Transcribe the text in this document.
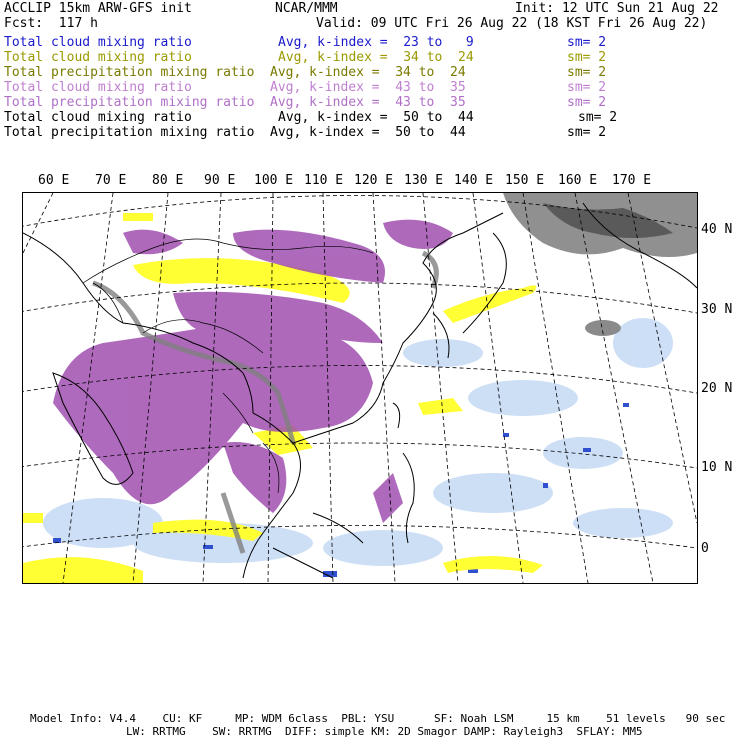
ACCLIP 15km ARW-GFS init	NCAR/MMM	Init: 12 UTC Sun 21 Aug 22
Fcst:  117 h	Valid: 09 UTC Fri 26 Aug 22 (18 KST Fri 26 Aug 22)
Total cloud mixing ratio	Avg, k-index =  23 to   9	sm= 2
Total cloud mixing ratio	Avg, k-index =  34 to  24	sm= 2
Total precipitation mixing ratio Avg, k-index =  34 to  24	sm= 2
Total cloud mixing ratio	Avg, k-index =  43 to  35	sm= 2
Total precipitation mixing ratio Avg, k-index =  43 to  35	sm= 2
Total cloud mixing ratio	Avg, k-index =  50 to  44	sm= 2
Total precipitation mixing ratio Avg, k-index =  50 to  44	sm= 2
60 E 70 E 80 E 90 E 100 E 110 E 120 E 130 E 140 E 150 E 160 E 170 E
40 N
30 N
20 N
10 N
0
Model Info: V4.4    CU: KF     MP: WDM 6class  PBL: YSU      SF: Noah LSM     15 km    51 levels   90 sec
LW: RRTMG    SW: RRTMG  DIFF: simple KM: 2D Smagor DAMP: Rayleigh3  SFLAY: MM5
